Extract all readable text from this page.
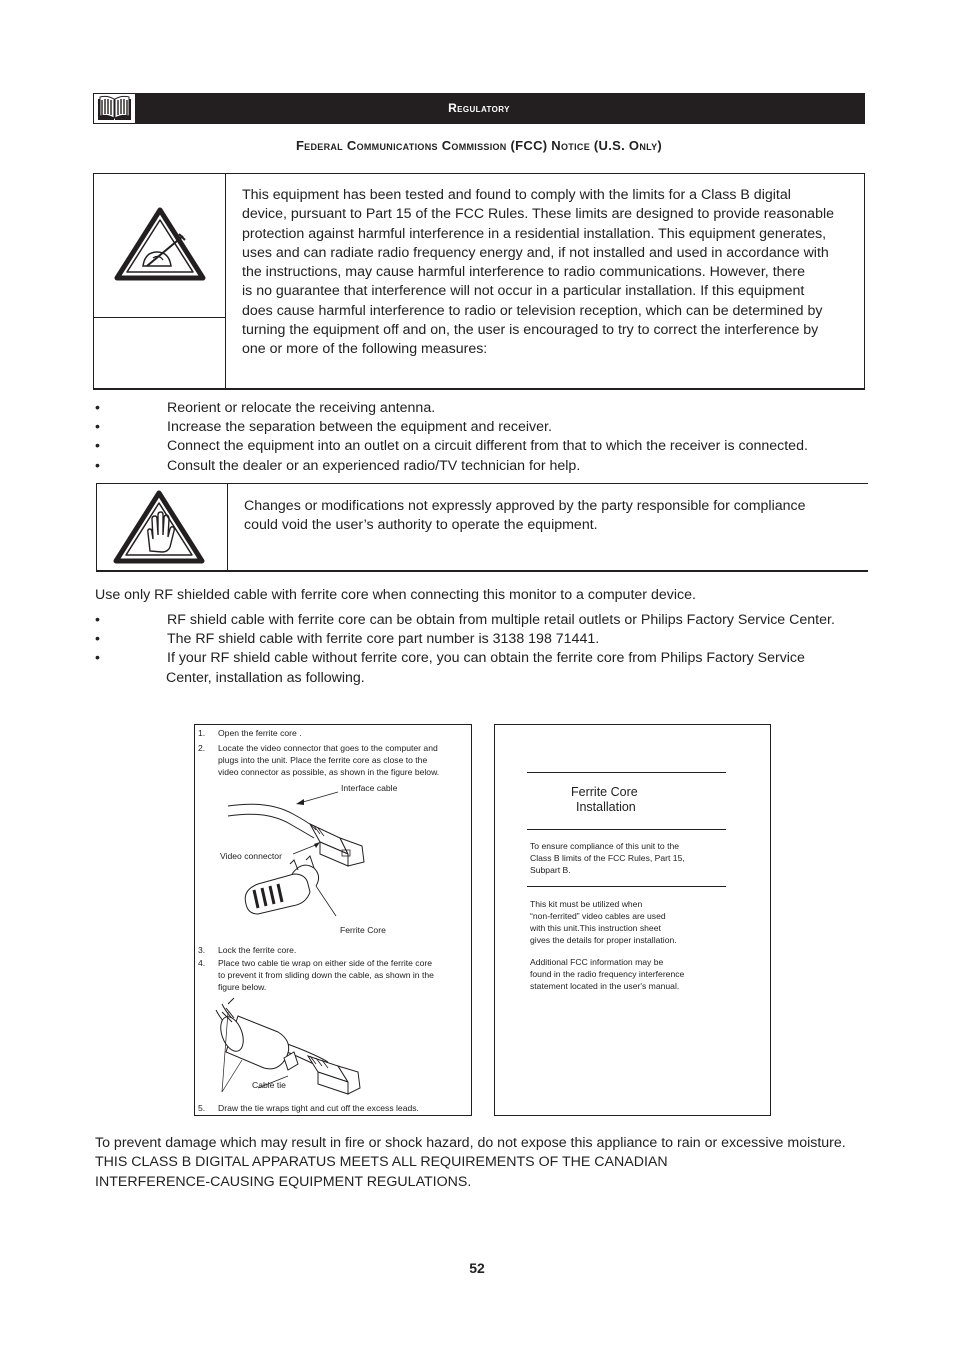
Regulatory
Federal Communications Commission (FCC) Notice (U.S. Only)
This equipment has been tested and found to comply with the limits for a Class B digital
device, pursuant to Part 15 of the FCC Rules. These limits are designed to provide reasonable
protection against harmful interference in a residential installation. This equipment generates,
uses and can radiate radio frequency energy and, if not installed and used in accordance with
the instructions, may cause harmful interference to radio communications. However, there
is no guarantee that interference will not occur in a particular installation. If this equipment
does cause harmful interference to radio or television reception, which can be determined by
turning the equipment off and on, the user is encouraged to try to correct the interference by
one or more of the following measures:
•	Reorient or relocate the receiving antenna.
•	Increase the separation between the equipment and receiver.
•	Connect the equipment into an outlet on a circuit different from that to which the receiver is connected.
•	Consult the dealer or an experienced radio/TV technician for help.
Changes or modifications not expressly approved by the party responsible for compliance
could void the user’s authority to operate the equipment.
Use only RF shielded cable with ferrite core when connecting this monitor to a computer device.
•	RF shield cable with ferrite core can be obtain from multiple retail outlets or Philips Factory Service Center.
•	The RF shield cable with ferrite core part number is 3138 198 71441.
•	If your RF shield cable without ferrite core, you can obtain the ferrite core from Philips Factory Service
Center, installation as following.
1. Open the ferrite core .
2. Locate the video connector that goes to the computer and
plugs into the unit. Place the ferrite core as close to the
video connector as possible, as shown in the figure below.
Interface cable
Video connector
Ferrite Core
3. Lock the ferrite core.
4. Place two cable tie wrap on either side of the ferrite core
to prevent it from sliding down the cable, as shown in the
figure below.
Cable tie
5. Draw the tie wraps tight and cut off the excess leads.
Ferrite Core
Installation
To ensure compliance of this unit to the
Class B limits of the FCC Rules, Part 15,
Subpart B.
This kit must be utilized when
“non-ferrited” video cables are used
with this unit.This instruction sheet
gives the details for proper installation.
Additional FCC information may be
found in the radio frequency interference
statement located in the user's manual.
To prevent damage which may result in fire or shock hazard, do not expose this appliance to rain or excessive moisture.
THIS CLASS B DIGITAL APPARATUS MEETS ALL REQUIREMENTS OF THE CANADIAN
INTERFERENCE-CAUSING EQUIPMENT REGULATIONS.
52
